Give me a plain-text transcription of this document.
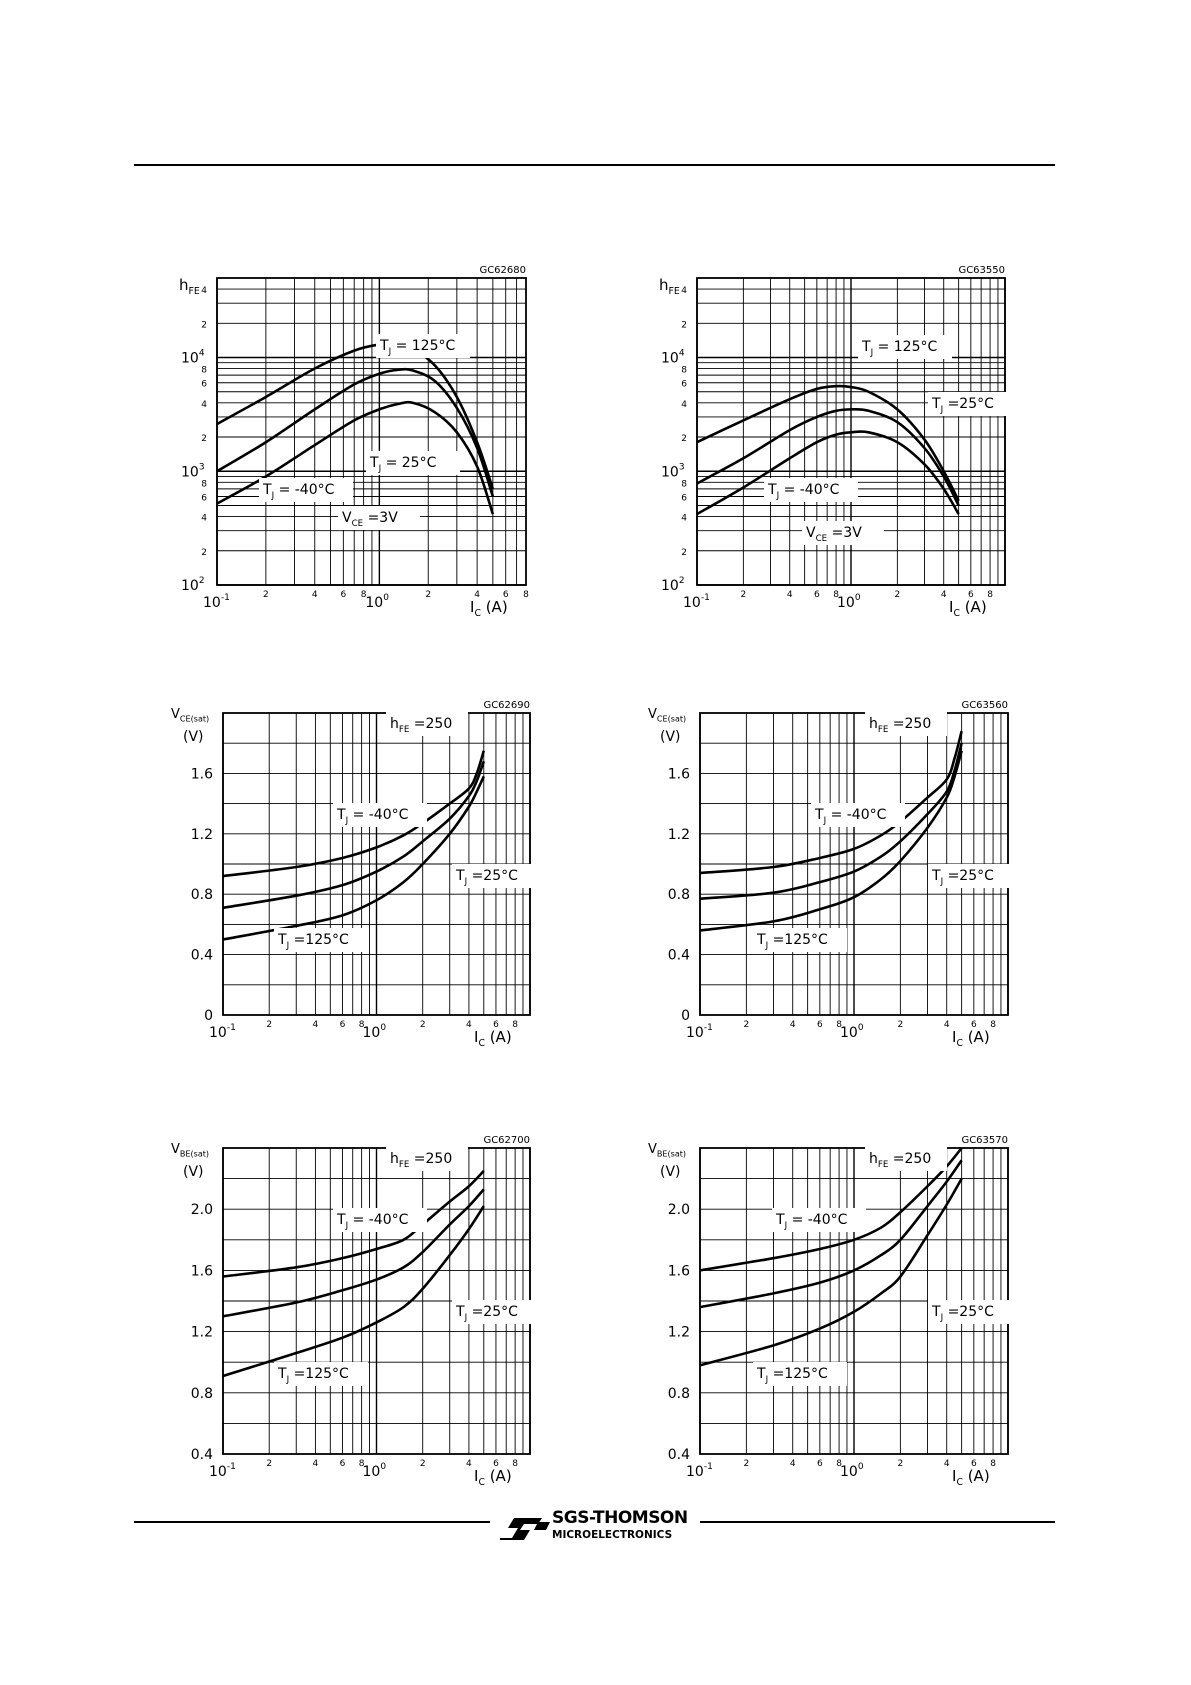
GC62680
$10^{-1}$	2	4	6 8
$10^0$	2	4	6 8
$I_C$ (A)
$10^2$
2
4
6
8
$10^3$
2
4
6
8
$10^4$
2
4
$h_{FE}$
$T_J = 125^\circ C$
$T_J = 25^\circ C$
$T_J = -40^\circ C$
$V_{CE} =3V$
GC63550
$10^{-1}$	2	4 6 8
$10^0$	2	4 6 8
$I_C$ (A)
$10^2$
2
4
6
8
$10^3$
2
4
6
8
$10^4$
2
4
$h_{FE}$
$T_J = 125^\circ C$
$T_J =25^\circ C$
$T_J = -40^\circ C$
$V_{CE} =3V$
GC62690
$10^{-1}$	2	4 6 8
$10^0$	2	4 6 8
$I_C$ (A)
0
0.4
0.8
1.2
1.6
$V_{CE(sat)}$
(V)
$T_J = -40^\circ C$
$T_J =25^\circ C$
$T_J =125^\circ C$
$h_{FE} =250$
GC63560
$10^{-1}$	2	4 6 8
$10^0$	2	4 6 8
$I_C$ (A)
0
0.4
0.8
1.2
1.6
$V_{CE(sat)}$
(V)
$T_J = -40^\circ C$
$T_J =25^\circ C$
$T_J =125^\circ C$
$h_{FE} =250$
GC62700
$10^{-1}$	2	4 6 8
$10^0$	2	4 6 8
$I_C$ (A)
0.4
0.8
1.2
1.6
2.0
$V_{BE(sat)}$
(V)
$T_J = -40^\circ C$
$T_J =25^\circ C$
$T_J =125^\circ C$
$h_{FE} =250$
GC63570
$10^{-1}$	2	4 6 8
$10^0$	2	4 6 8
$I_C$ (A)
0.4
0.8
1.2
1.6
2.0
$V_{BE(sat)}$
(V)
$T_J = -40^\circ C$
$T_J =25^\circ C$
$T_J =125^\circ C$
$h_{FE} =250$
SGS-THOMSON
MICROELECTRONICS
